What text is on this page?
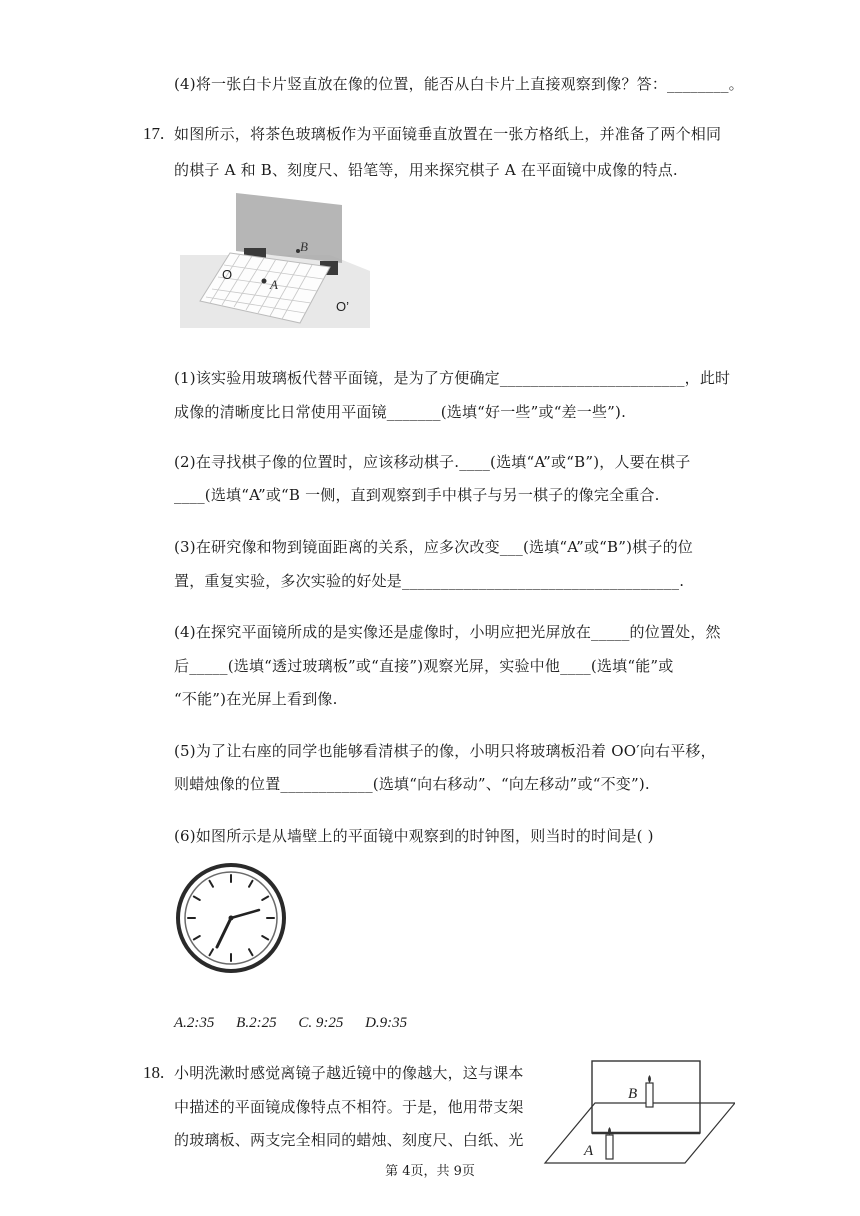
(4)将一张白卡片竖直放在像的位置，能否从白卡片上直接观察到像？答：________。
17. 如图所示，将茶色玻璃板作为平面镜垂直放置在一张方格纸上，并准备了两个相同
的棋子 A 和 B、刻度尺、铅笔等，用来探究棋子 A 在平面镜中成像的特点.
A
B
O
O’
(1)该实验用玻璃板代替平面镜，是为了方便确定________________________，此时
成像的清晰度比日常使用平面镜_______(选填“好一些”或“差一些”).
(2)在寻找棋子像的位置时，应该移动棋子.____(选填“A”或“B”)，人要在棋子
____(选填“A”或“B 一侧，直到观察到手中棋子与另一棋子的像完全重合.
(3)在研究像和物到镜面距离的关系，应多次改变___(选填“A”或“B”)棋子的位
置，重复实验，多次实验的好处是____________________________________.
(4)在探究平面镜所成的是实像还是虚像时，小明应把光屏放在_____的位置处，然
后_____(选填“透过玻璃板”或“直接”)观察光屏，实验中他____(选填“能”或
“不能”)在光屏上看到像.
(5)为了让右座的同学也能够看清棋子的像，小明只将玻璃板沿着 OO′向右平移，
则蜡烛像的位置____________(选填“向右移动”、“向左移动”或“不变”).
(6)如图所示是从墙壁上的平面镜中观察到的时钟图，则当时的时间是( )
A.2:35 B.2:25 C. 9:25 D.9:35
18. 小明洗漱时感觉离镜子越近镜中的像越大，这与课本
中描述的平面镜成像特点不相符。于是，他用带支架
的玻璃板、两支完全相同的蜡烛、刻度尺、白纸、光
B
A
第 4页，共 9页
